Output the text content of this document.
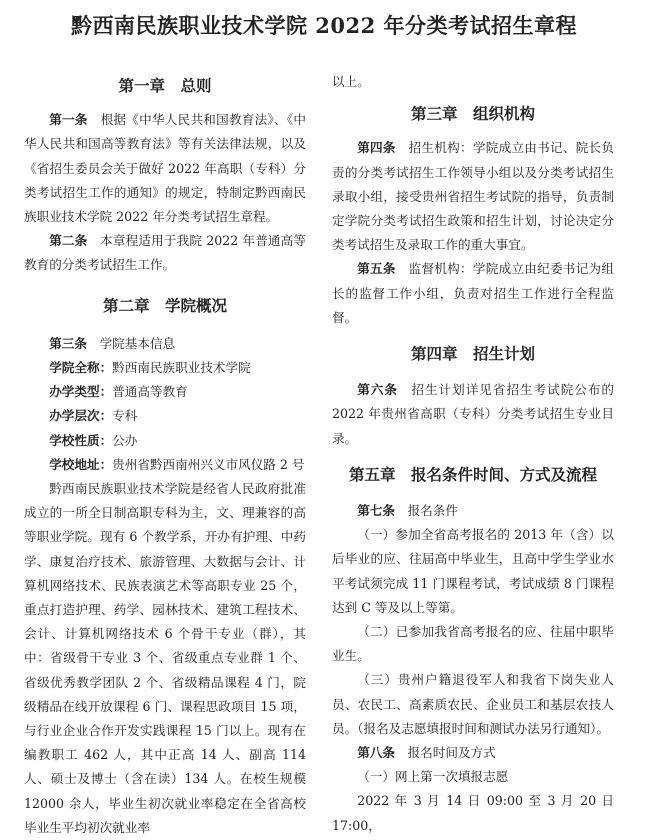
黔西南民族职业技术学院 2022 年分类考试招生章程

第一章　总则

第一条　 根据《中华人民共和国教育法》、《中华人民共和国高等教育法》等有关法律法规，以及《省招生委员会关于做好 2022 年高职（专科）分类考试招生工作的通知》的规定，特制定黔西南民族职业技术学院 2022 年分类考试招生章程。

第二条　 本章程适用于我院 2022 年普通高等教育的分类考试招生工作。

第二章　学院概况

第三条　 学院基本信息

学院全称：黔西南民族职业技术学院

办学类型：普通高等教育

办学层次：专科

学校性质：公办

学校地址：贵州省黔西南州兴义市风仪路 2 号

黔西南民族职业技术学院是经省人民政府批准成立的一所全日制高职专科为主，文、理兼容的高等职业学院。现有 6 个教学系，开办有护理、中药学、康复治疗技术、旅游管理、大数据与会计、计算机网络技术、民族表演艺术等高职专业 25 个，重点打造护理、药学、园林技术、建筑工程技术、会计、计算机网络技术 6 个骨干专业（群），其中：省级骨干专业 3 个、省级重点专业群 1 个、省级优秀教学团队 2 个、省级精品课程 4 门，院级精品在线开放课程 6 门、课程思政项目 15 项，与行业企业合作开发实践课程 15 门以上。现有在编教职工 462 人，其中正高 14 人、副高 114 人、硕士及博士（含在读）134 人。在校生规模 12000 余人，毕业生初次就业率稳定在全省高校毕业生平均初次就业率

以上。

第三章　组织机构

第四条　 招生机构：学院成立由书记、院长负责的分类考试招生工作领导小组以及分类考试招生录取小组，接受贵州省招生考试院的指导，负责制定学院分类考试招生政策和招生计划，讨论决定分类考试招生及录取工作的重大事宜。

第五条　 监督机构：学院成立由纪委书记为组长的监督工作小组，负责对招生工作进行全程监督。

第四章　招生计划

第六条　 招生计划详见省招生考试院公布的 2022 年贵州省高职（专科）分类考试招生专业目录。

第五章　报名条件时间、方式及流程

第七条　 报名条件

（一）参加全省高考报名的 2013 年（含）以后毕业的应、往届高中毕业生，且高中学生学业水平考试须完成 11 门课程考试，考试成绩 8 门课程达到 C 等及以上等第。

（二）已参加我省高考报名的应、往届中职毕业生。

（三）贵州户籍退役军人和我省下岗失业人员、农民工、高素质农民、企业员工和基层农技人员。（报名及志愿填报时间和测试办法另行通知）。

第八条　 报名时间及方式

（一）网上第一次填报志愿

2022 年 3 月 14 日 09:00 至 3 月 20 日 17:00，
